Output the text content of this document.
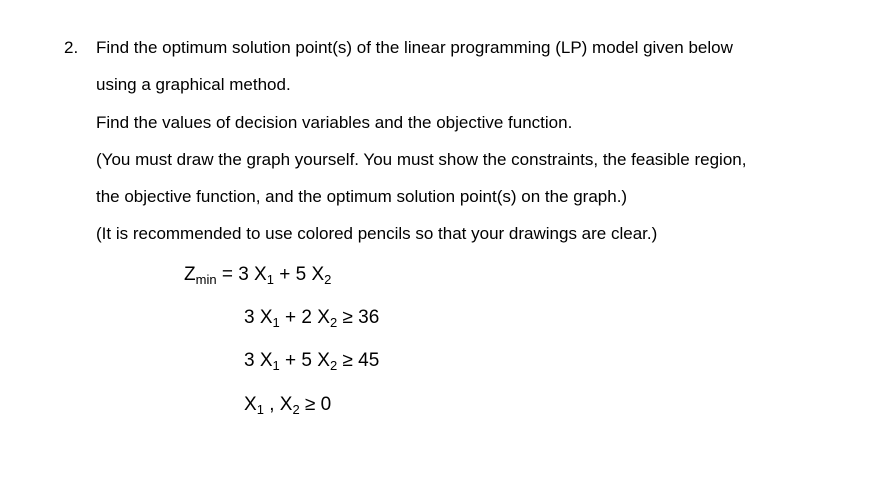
2. Find the optimum solution point(s) of the linear programming (LP) model given below
using a graphical method.
Find the values of decision variables and the objective function.
(You must draw the graph yourself. You must show the constraints, the feasible region,
the objective function, and the optimum solution point(s) on the graph.)
(It is recommended to use colored pencils so that your drawings are clear.)
$Z_{min} = 3$ $X_1 + 5$ $X_2$
3 $X_1 + 2$ $X_2 \ge 36$
3 $X_1 + 5$ $X_2 \ge 45$
$X_1$ , $X_2 \ge 0$
